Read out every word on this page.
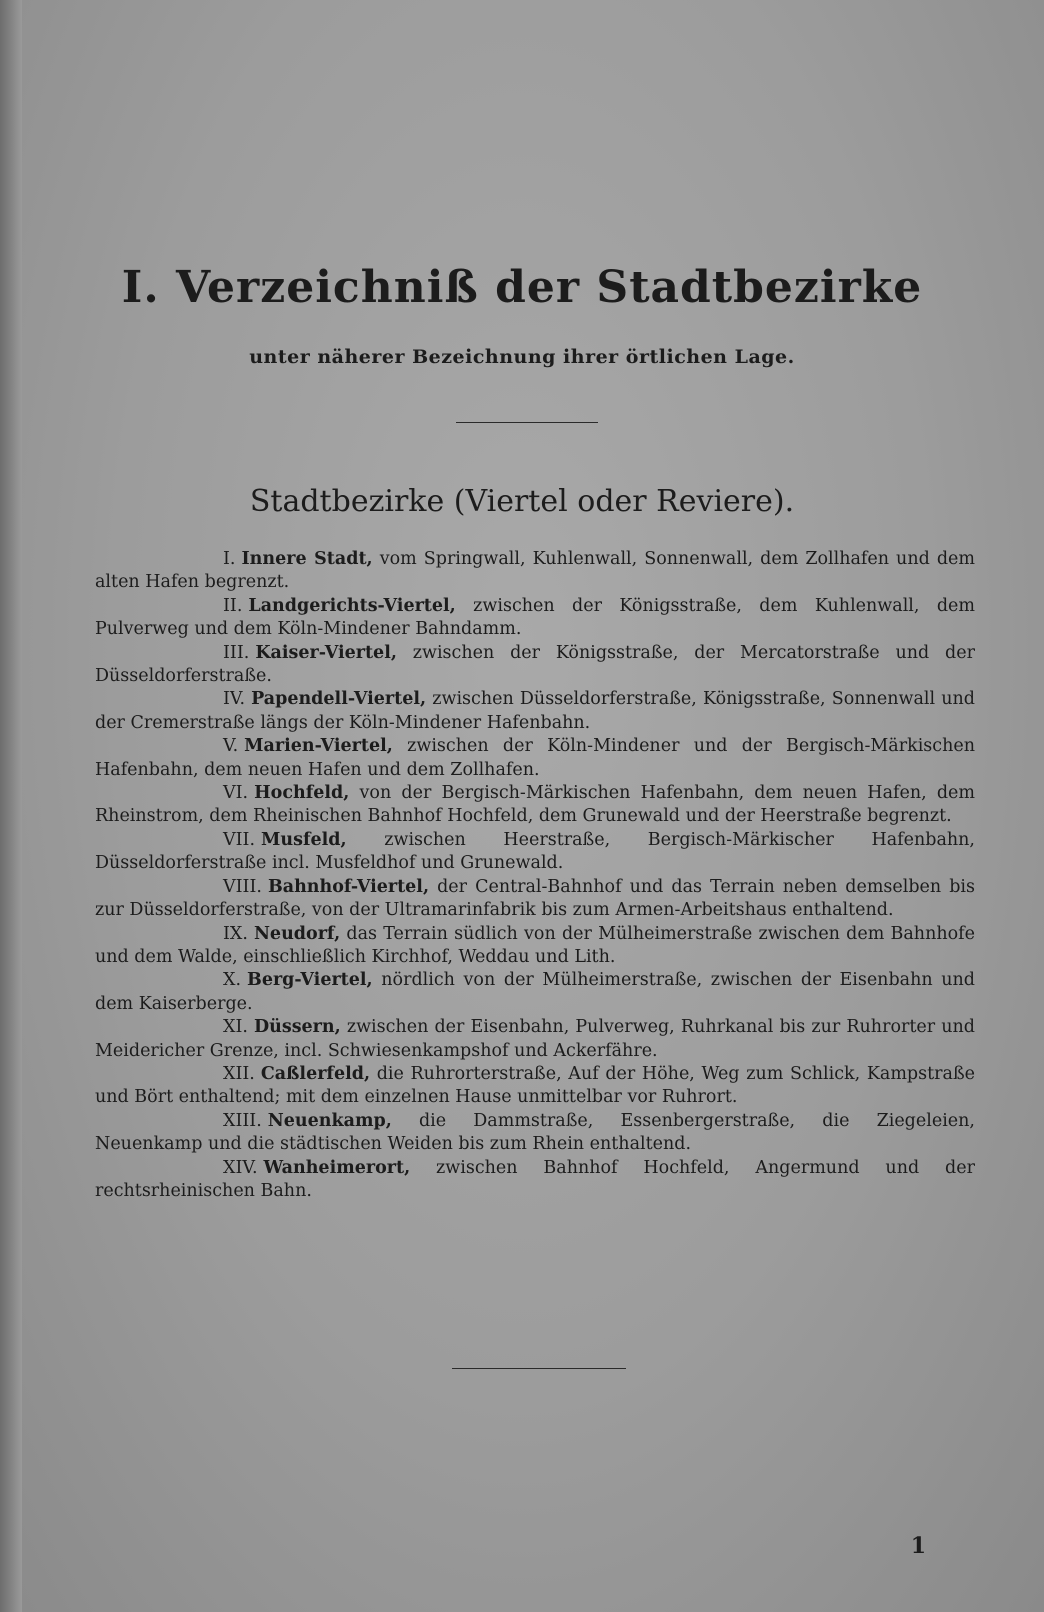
I. Verzeichniß der Stadtbezirke
unter näherer Bezeichnung ihrer örtlichen Lage.
Stadtbezirke (Viertel oder Reviere).
I. Innere Stadt, vom Springwall, Kuhlenwall, Sonnenwall, dem Zollhafen und dem alten Hafen begrenzt.
II. Landgerichts-Viertel, zwischen der Königsstraße, dem Kuhlenwall, dem Pulverweg und dem Köln-Mindener Bahndamm.
III. Kaiser-Viertel, zwischen der Königsstraße, der Mercatorstraße und der Düsseldorferstraße.
IV. Papendell-Viertel, zwischen Düsseldorferstraße, Königsstraße, Sonnenwall und der Cremerstraße längs der Köln-Mindener Hafenbahn.
V. Marien-Viertel, zwischen der Köln-Mindener und der Bergisch-Märkischen Hafenbahn, dem neuen Hafen und dem Zollhafen.
VI. Hochfeld, von der Bergisch-Märkischen Hafenbahn, dem neuen Hafen, dem Rheinstrom, dem Rheinischen Bahnhof Hochfeld, dem Grunewald und der Heerstraße begrenzt.
VII. Musfeld, zwischen Heerstraße, Bergisch-Märkischer Hafenbahn, Düsseldorferstraße incl. Musfeldhof und Grunewald.
VIII. Bahnhof-Viertel, der Central-Bahnhof und das Terrain neben demselben bis zur Düsseldorferstraße, von der Ultramarinfabrik bis zum Armen-Arbeitshaus enthaltend.
IX. Neudorf, das Terrain südlich von der Mülheimerstraße zwischen dem Bahnhofe und dem Walde, einschließlich Kirchhof, Weddau und Lith.
X. Berg-Viertel, nördlich von der Mülheimerstraße, zwischen der Eisenbahn und dem Kaiserberge.
XI. Düssern, zwischen der Eisenbahn, Pulverweg, Ruhrkanal bis zur Ruhrorter und Meidericher Grenze, incl. Schwiesenkampshof und Ackerfähre.
XII. Caßlerfeld, die Ruhrorterstraße, Auf der Höhe, Weg zum Schlick, Kampstraße und Bört enthaltend; mit dem einzelnen Hause unmittelbar vor Ruhrort.
XIII. Neuenkamp, die Dammstraße, Essenbergerstraße, die Ziegeleien, Neuenkamp und die städtischen Weiden bis zum Rhein enthaltend.
XIV. Wanheimerort, zwischen Bahnhof Hochfeld, Angermund und der rechtsrheinischen Bahn.
1
